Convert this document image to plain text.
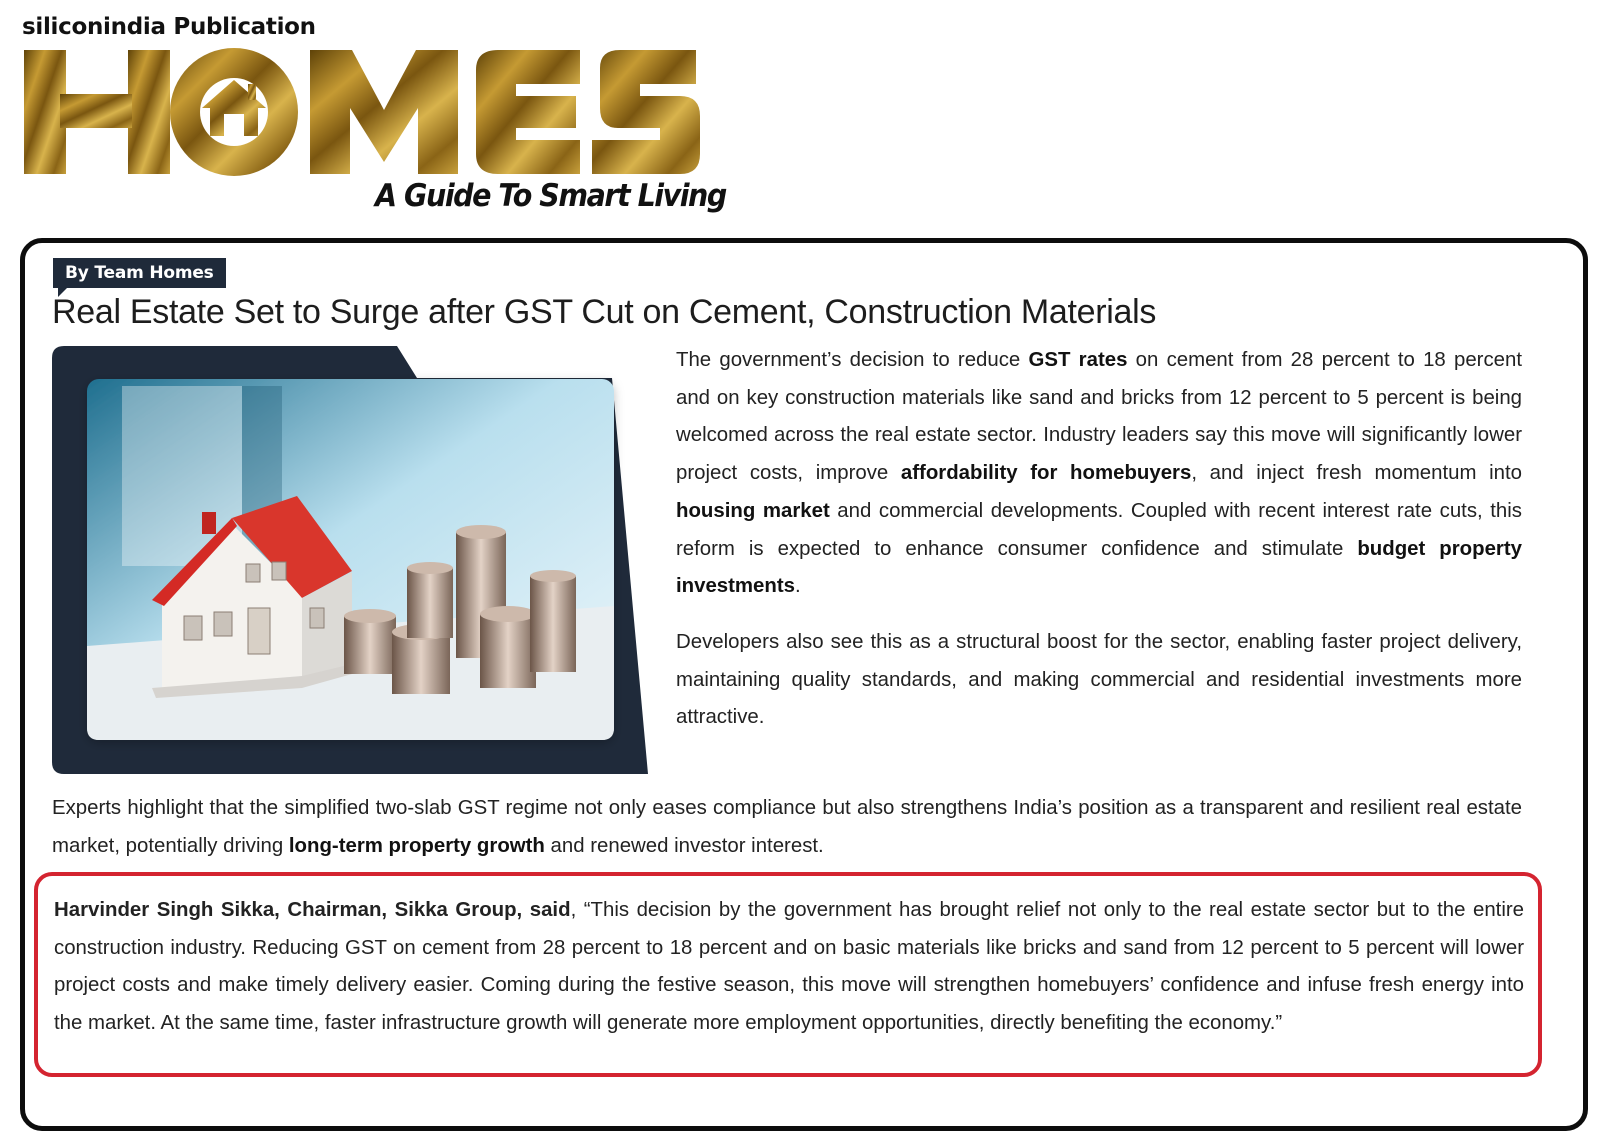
siliconindia Publication
A Guide To Smart Living
By Team Homes
Real Estate Set to Surge after GST Cut on Cement, Construction Materials

The government’s decision to reduce GST rates on cement from 28 percent to 18 percent and on key construction materials like sand and bricks from 12 percent to 5 percent is being welcomed across the real estate sector. Industry leaders say this move will significantly lower project costs, improve affordability for homebuyers, and inject fresh momentum into housing market and commercial developments. Coupled with recent interest rate cuts, this reform is expected to enhance consumer confidence and stimulate budget property investments.

Developers also see this as a structural boost for the sector, enabling faster project delivery, maintaining quality standards, and making commercial and residential investments more attractive.

Experts highlight that the simplified two-slab GST regime not only eases compliance but also strengthens India’s position as a transparent and resilient real estate market, potentially driving long-term property growth and renewed investor interest.

Harvinder Singh Sikka, Chairman, Sikka Group, said, “This decision by the government has brought relief not only to the real estate sector but to the entire construction industry. Reducing GST on cement from 28 percent to 18 percent and on basic materials like bricks and sand from 12 percent to 5 percent will lower project costs and make timely delivery easier. Coming during the festive season, this move will strengthen homebuyers’ confidence and infuse fresh energy into the market. At the same time, faster infrastructure growth will generate more employment opportunities, directly benefiting the economy.”
